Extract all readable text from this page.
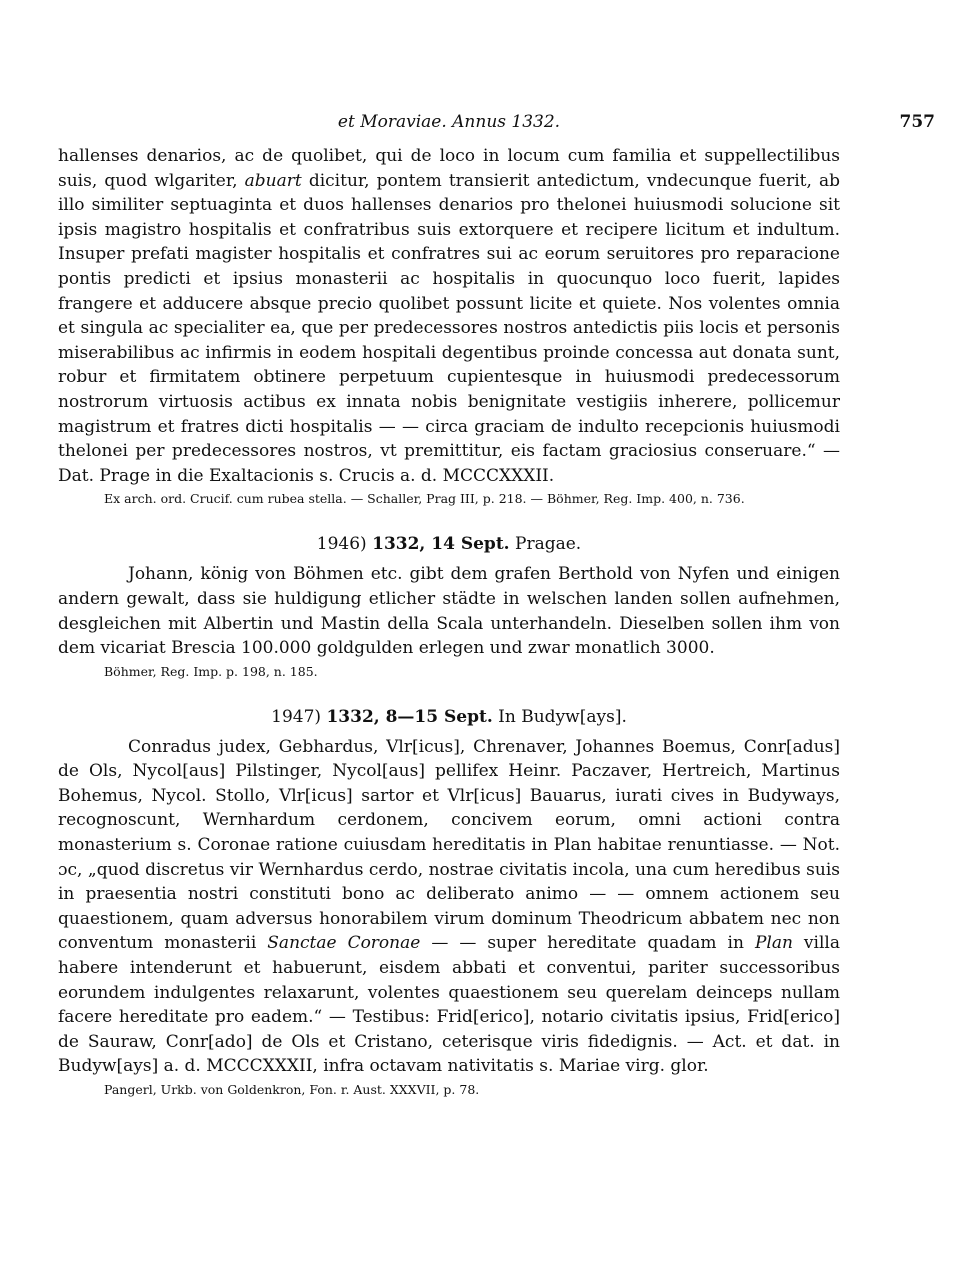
et Moraviae. Annus 1332.	757

hallenses denarios, ac de quolibet, qui de loco in locum cum familia et suppellectilibus suis, quod wlgariter, abuart dicitur, pontem transierit antedictum, vndecunque fuerit, ab illo similiter septuaginta et duos hallenses denarios pro thelonei huiusmodi solucione sit ipsis magistro hospitalis et confratribus suis extorquere et recipere licitum et indultum. Insuper prefati magister hospitalis et confratres sui ac eorum seruitores pro reparacione pontis predicti et ipsius monasterii ac hospitalis in quocunquo loco fuerit, lapides frangere et adducere absque precio quolibet possunt licite et quiete. Nos volentes omnia et singula ac specialiter ea, que per predecessores nostros antedictis piis locis et personis miserabilibus ac infirmis in eodem hospitali degentibus proinde concessa aut donata sunt, robur et firmitatem obtinere perpetuum cupientesque in huiusmodi predecessorum nostrorum virtuosis actibus ex innata nobis benignitate vestigiis inherere, pollicemur magistrum et fratres dicti hospitalis — — circa graciam de indulto recepcionis huiusmodi thelonei per predecessores nostros, vt premittitur, eis factam graciosius conseruare.“ — Dat. Prage in die Exaltacionis s. Crucis a. d. MCCCXXXII.

Ex arch. ord. Crucif. cum rubea stella. — Schaller, Prag III, p. 218. — Böhmer, Reg. Imp. 400, n. 736.

1946) 1332, 14 Sept. Pragae.

Johann, könig von Böhmen etc. gibt dem grafen Berthold von Nyfen und einigen andern gewalt, dass sie huldigung etlicher städte in welschen landen sollen aufnehmen, desgleichen mit Albertin und Mastin della Scala unterhandeln. Dieselben sollen ihm von dem vicariat Brescia 100.000 goldgulden erlegen und zwar monatlich 3000.

Böhmer, Reg. Imp. p. 198, n. 185.

1947) 1332, 8—15 Sept. In Budyw[ays].

Conradus judex, Gebhardus, Vlr[icus], Chrenaver, Johannes Boemus, Conr[adus] de Ols, Nycol[aus] Pilstinger, Nycol[aus] pellifex Heinr. Paczaver, Hertreich, Martinus Bohemus, Nycol. Stollo, Vlr[icus] sartor et Vlr[icus] Bauarus, iurati cives in Budyways, recognoscunt, Wernhardum cerdonem, concivem eorum, omni actioni contra monasterium s. Coronae ratione cuiusdam hereditatis in Plan habitae renuntiasse. — Not. ɔc, „quod discretus vir Wernhardus cerdo, nostrae civitatis incola, una cum heredibus suis in praesentia nostri constituti bono ac deliberato animo — — omnem actionem seu quaestionem, quam adversus honorabilem virum dominum Theodricum abbatem nec non conventum monasterii Sanctae Coronae — — super hereditate quadam in Plan villa habere intenderunt et habuerunt, eisdem abbati et conventui, pariter successoribus eorundem indulgentes relaxarunt, volentes quaestionem seu querelam deinceps nullam facere hereditate pro eadem.“ — Testibus: Frid[erico], notario civitatis ipsius, Frid[erico] de Sauraw, Conr[ado] de Ols et Cristano, ceterisque viris fidedignis. — Act. et dat. in Budyw[ays] a. d. MCCCXXXII, infra octavam nativitatis s. Mariae virg. glor.

Pangerl, Urkb. von Goldenkron, Fon. r. Aust. XXXVII, p. 78.
